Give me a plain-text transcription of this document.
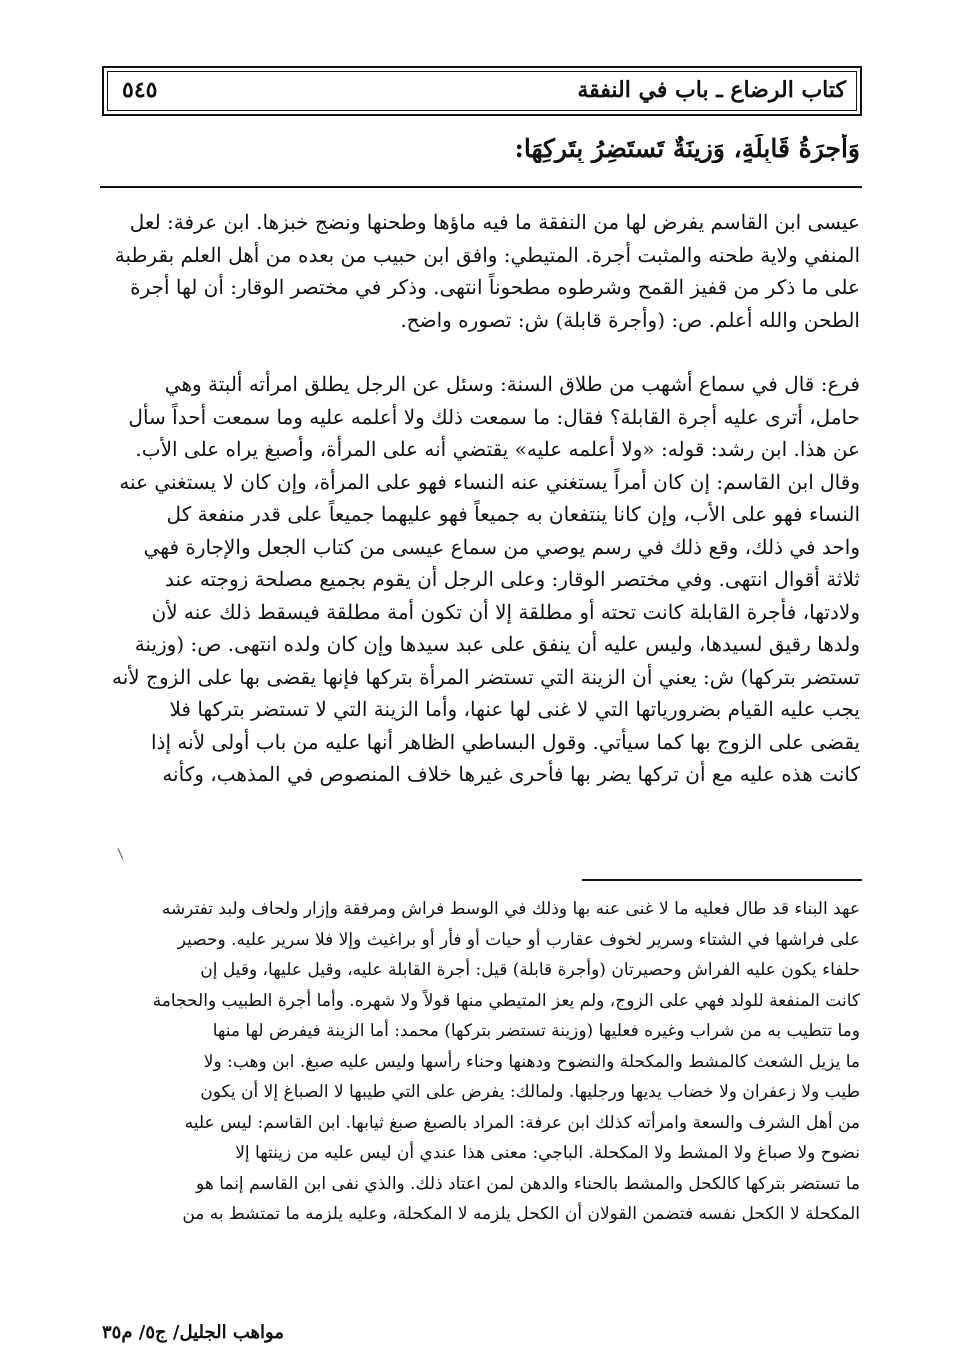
كتاب الرضاع ـ باب في النفقة
٥٤٥
وَأُجرَةُ قَابِلَةٍ، وَزِينَةٌ تَستَضِرُ بِتَركِهَا:
عيسى ابن القاسم يفرض لها من النفقة ما فيه ماؤها وطحنها ونضج خبزها. ابن عرفة: لعل
المنفي ولاية طحنه والمثبت أجرة. المتيطي: وافق ابن حبيب من بعده من أهل العلم بقرطبة
على ما ذكر من قفيز القمح وشرطوه مطحوناً انتهى. وذكر في مختصر الوقار: أن لها أجرة
الطحن والله أعلم. ص: (وأجرة قابلة) ش: تصوره واضح.
فرع: قال في سماع أشهب من طلاق السنة: وسئل عن الرجل يطلق امرأته ألبتة وهي
حامل، أترى عليه أجرة القابلة؟ فقال: ما سمعت ذلك ولا أعلمه عليه وما سمعت أحداً سأل
عن هذا. ابن رشد: قوله: «ولا أعلمه عليه» يقتضي أنه على المرأة، وأصبغ يراه على الأب.
وقال ابن القاسم: إن كان أمراً يستغني عنه النساء فهو على المرأة، وإن كان لا يستغني عنه
النساء فهو على الأب، وإن كانا ينتفعان به جميعاً فهو عليهما جميعاً على قدر منفعة كل
واحد في ذلك، وقع ذلك في رسم يوصي من سماع عيسى من كتاب الجعل والإجارة فهي
ثلاثة أقوال انتهى. وفي مختصر الوقار: وعلى الرجل أن يقوم بجميع مصلحة زوجته عند
ولادتها، فأجرة القابلة كانت تحته أو مطلقة إلا أن تكون أمة مطلقة فيسقط ذلك عنه لأن
ولدها رقيق لسيدها، وليس عليه أن ينفق على عبد سيدها وإن كان ولده انتهى. ص: (وزينة
تستضر بتركها) ش: يعني أن الزينة التي تستضر المرأة بتركها فإنها يقضى بها على الزوج لأنه
يجب عليه القيام بضرورياتها التي لا غنى لها عنها، وأما الزينة التي لا تستضر بتركها فلا
يقضى على الزوج بها كما سيأتي. وقول البساطي الظاهر أنها عليه من باب أولى لأنه إذا
كانت هذه عليه مع أن تركها يضر بها فأحرى غيرها خلاف المنصوص في المذهب، وكأنه
عهد البناء قد طال فعليه ما لا غنى عنه بها وذلك في الوسط فراش ومرفقة وإزار ولحاف ولبد تفترشه
على فراشها في الشتاء وسرير لخوف عقارب أو حيات أو فأر أو براغيث وإلا فلا سرير عليه. وحصير
حلفاء يكون عليه الفراش وحصيرتان (وأجرة قابلة) قيل: أجرة القابلة عليه، وقيل عليها، وقيل إن
كانت المنفعة للولد فهي على الزوج، ولم يعز المتيطي منها قولاً ولا شهره. وأما أجرة الطبيب والحجامة
وما تتطيب به من شراب وغيره فعليها (وزينة تستضر بتركها) محمد: أما الزينة فيفرض لها منها
ما يزيل الشعث كالمشط والمكحلة والنضوح ودهنها وحناء رأسها وليس عليه صبغ. ابن وهب: ولا
طيب ولا زعفران ولا خضاب يديها ورجليها. ولمالك: يفرض على التي طيبها لا الصباغ إلا أن يكون
من أهل الشرف والسعة وامرأته كذلك ابن عرفة: المراد بالصبغ صبغ ثيابها. ابن القاسم: ليس عليه
نضوح ولا صباغ ولا المشط ولا المكحلة. الباجي: معنى هذا عندي أن ليس عليه من زينتها إلا
ما تستضر بتركها كالكحل والمشط بالحناء والدهن لمن اعتاد ذلك. والذي نفى ابن القاسم إنما هو
المكحلة لا الكحل نفسه فتضمن القولان أن الكحل يلزمه لا المكحلة، وعليه يلزمه ما تمتشط به من
مواهب الجليل/ ج٥/ م٣٥
